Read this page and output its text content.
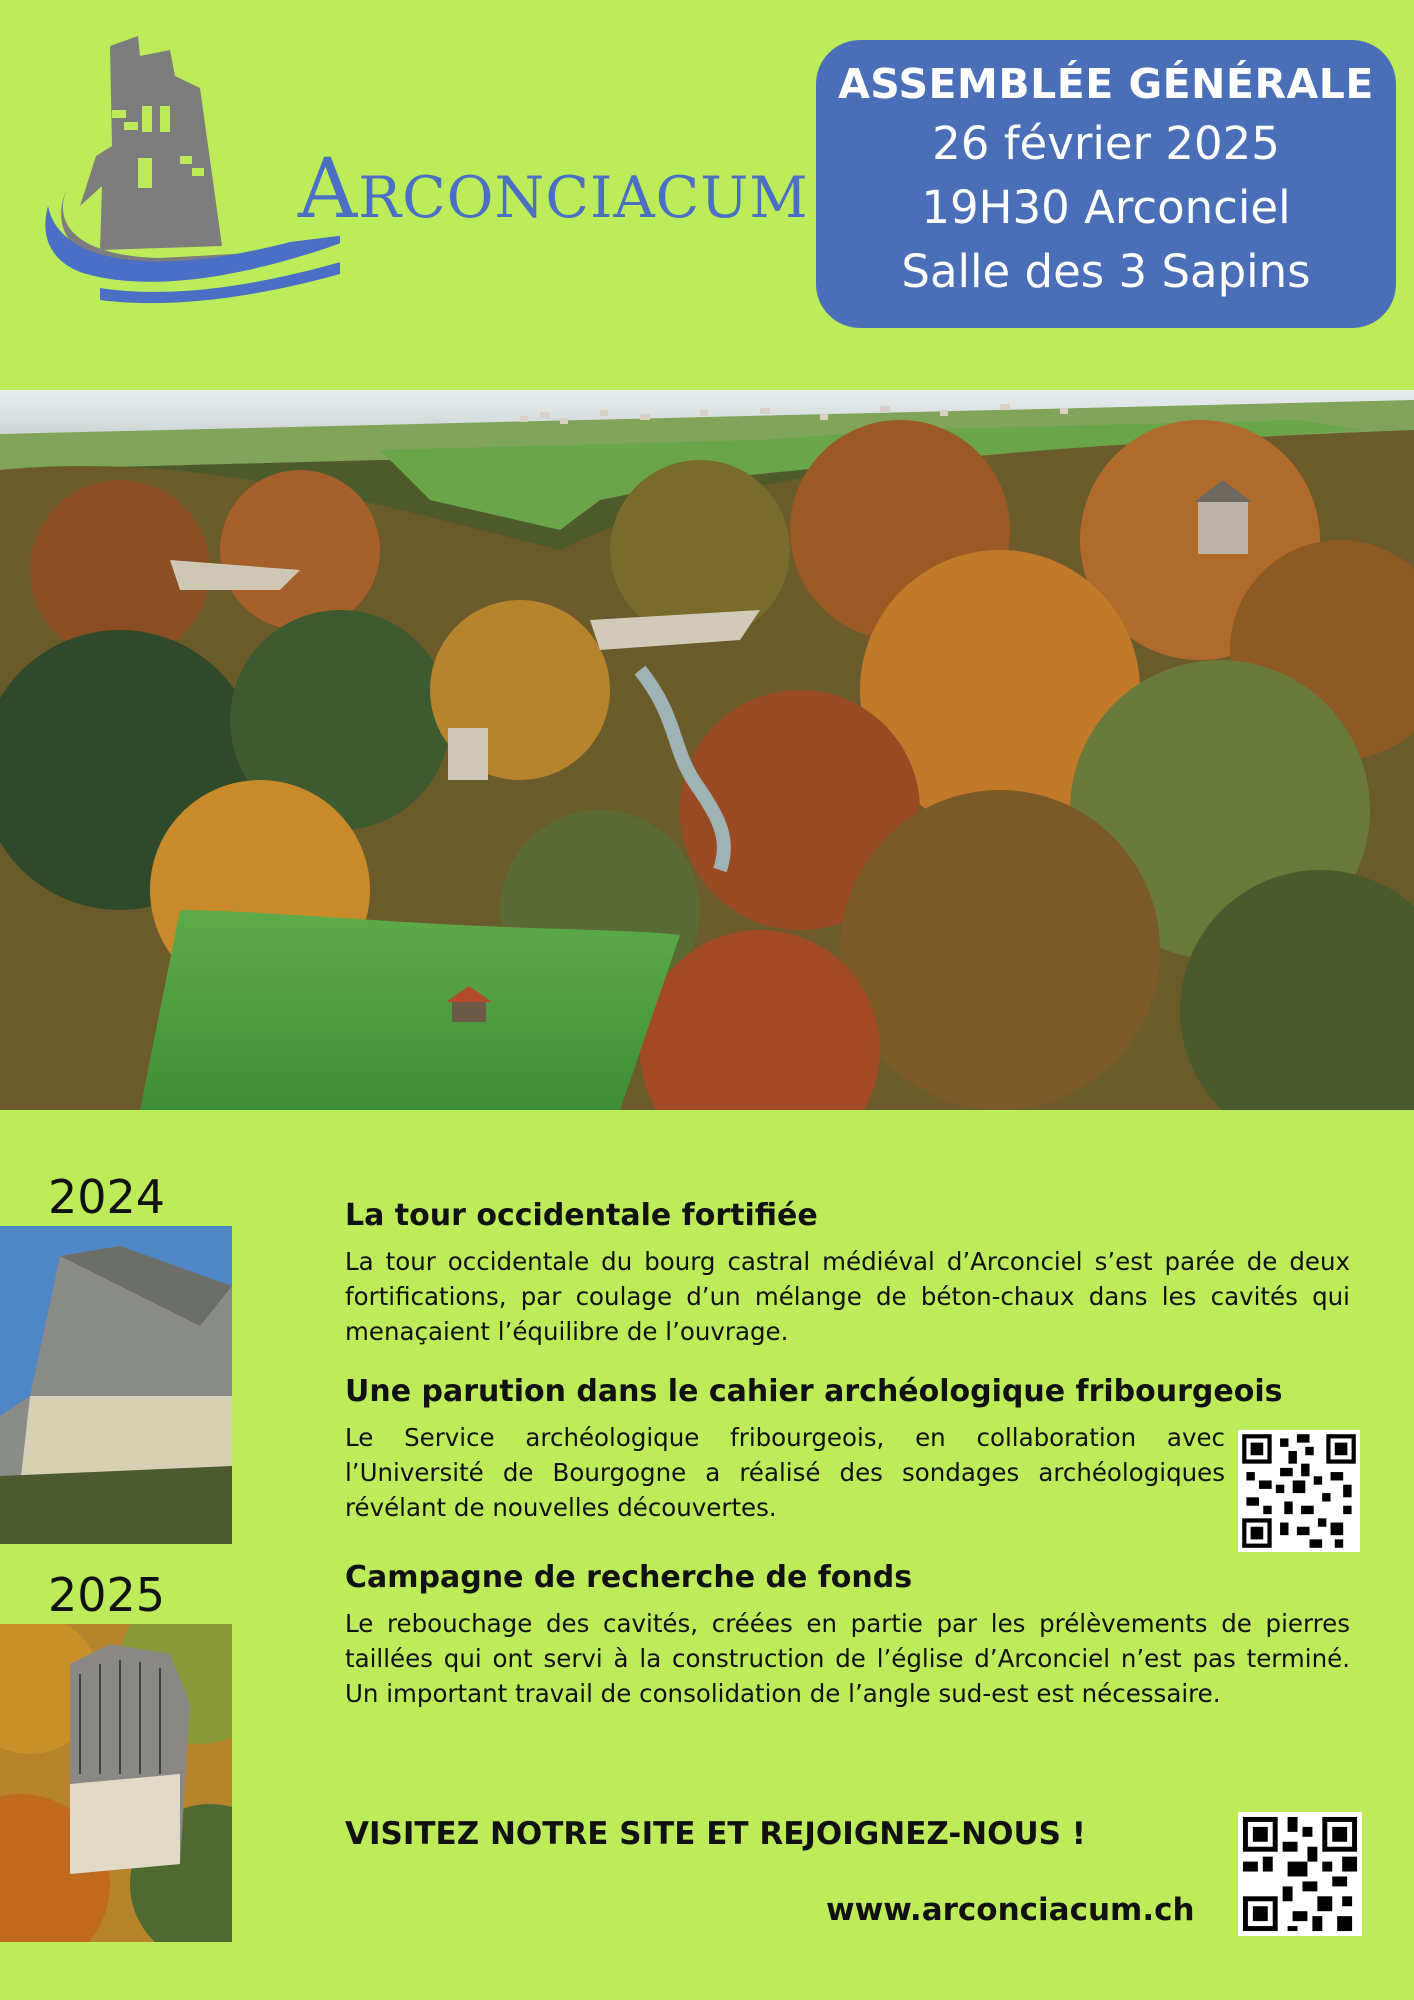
Arconciacum

ASSEMBLÉE GÉNÉRALE

26 février 2025

19H30 Arconciel

Salle des 3 Sapins

2024
2025
La tour occidentale fortifiée

La tour occidentale du bourg castral médiéval d’Arconciel s’est parée de deux fortifications, par coulage d’un mélange de béton-chaux dans les cavités qui menaçaient l’équilibre de l’ouvrage.

Une parution dans le cahier archéologique fribourgeois

Le Service archéologique fribourgeois, en collaboration avec l’Université de Bourgogne a réalisé des sondages archéologiques révélant de nouvelles découvertes.

Campagne de recherche de fonds

Le rebouchage des cavités, créées en partie par les prélèvements de pierres taillées qui ont servi à la construction de l’église d’Arconciel n’est pas terminé. Un important travail de consolidation de l’angle sud-est est nécessaire.

VISITEZ NOTRE SITE ET REJOIGNEZ-NOUS !
www.arconciacum.ch
